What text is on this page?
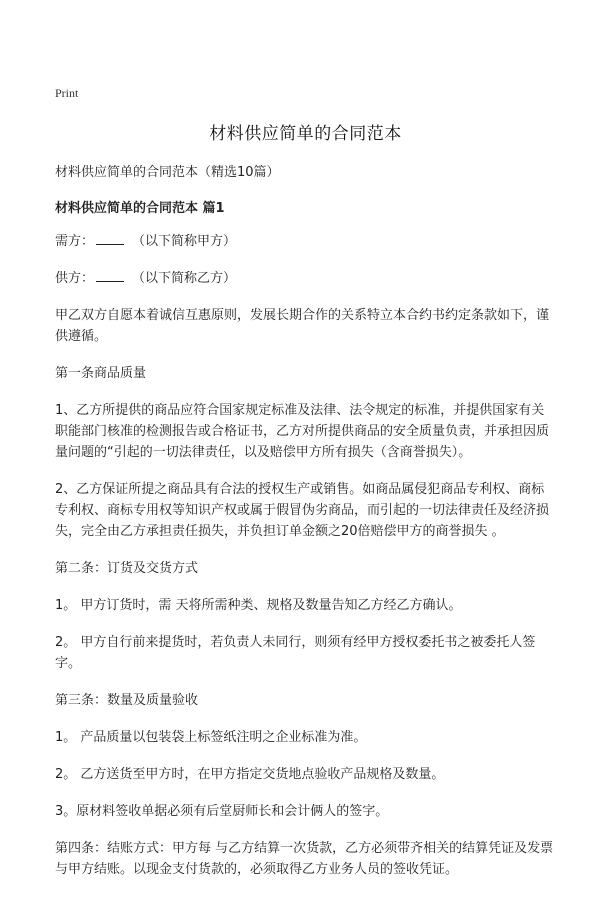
Print
材料供应简单的合同范本

材料供应简单的合同范本（精选10篇）

材料供应简单的合同范本 篇1

需方：	（以下简称甲方）

供方：	（以下简称乙方）

甲乙双方自愿本着诚信互惠原则，发展长期合作的关系特立本合约书约定条款如下，谨供遵循。

第一条商品质量

1、乙方所提供的商品应符合国家规定标准及法律、法令规定的标准，并提供国家有关职能部门核准的检测报告或合格证书，乙方对所提供商品的安全质量负责，并承担因质量问题的“引起的一切法律责任，以及赔偿甲方所有损失（含商誉损失）。

2、乙方保证所提之商品具有合法的授权生产或销售。如商品属侵犯商品专利权、商标专利权、商标专用权等知识产权或属于假冒伪劣商品，而引起的一切法律责任及经济损失，完全由乙方承担责任损失，并负担订单金额之20倍赔偿甲方的商誉损失 。

第二条：订货及交货方式

1。 甲方订货时，需 天将所需种类、规格及数量告知乙方经乙方确认。

2。 甲方自行前来提货时，若负责人未同行，则须有经甲方授权委托书之被委托人签字。

第三条：数量及质量验收

1。 产品质量以包装袋上标签纸注明之企业标准为准。

2。 乙方送货至甲方时，在甲方指定交货地点验收产品规格及数量。

3。原材料签收单据必须有后堂厨师长和会计俩人的签字。

第四条：结账方式：甲方每 与乙方结算一次货款，乙方必须带齐相关的结算凭证及发票与甲方结账。以现金支付货款的，必须取得乙方业务人员的签收凭证。
